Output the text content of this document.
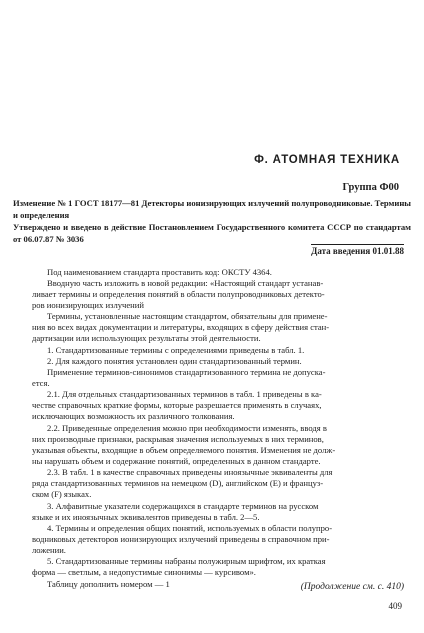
Ф. АТОМНАЯ ТЕХНИКА
Группа Ф00
Изменение № 1 ГОСТ 18177—81 Детекторы ионизирующих излучений полупроводниковые. Термины и определения
Утверждено и введено в действие Постановлением Государственного комитета СССР по стандартам от 06.07.87 № 3036
Дата введения 01.01.88
Под наименованием стандарта проставить код: ОКСТУ 4364.
Вводную часть изложить в новой редакции: «Настоящий стандарт устанав-
ливает термины и определения понятий в области полупроводниковых детекто-
ров ионизирующих излучений
Термины, установленные настоящим стандартом, обязательны для примене-
ния во всех видах документации и литературы, входящих в сферу действия стан-
дартизации или использующих результаты этой деятельности.
1. Стандартизованные термины с определениями приведены в табл. 1.
2. Для каждого понятия установлен один стандартизованный термин.
Применение терминов-синонимов стандартизованного термина не допуска-
ется.
2.1. Для отдельных стандартизованных терминов в табл. 1 приведены в ка-
честве справочных краткие формы, которые разрешается применять в случаях,
исключающих возможность их различного толкования.
2.2. Приведенные определения можно при необходимости изменять, вводя в
них производные признаки, раскрывая значения используемых в них терминов,
указывая объекты, входящие в объем определяемого понятия. Изменения не долж-
ны нарушать объем и содержание понятий, определенных в данном стандарте.
2.3. В табл. 1 в качестве справочных приведены иноязычные эквиваленты для
ряда стандартизованных терминов на немецком (D), английском (E) и француз-
ском (F) языках.
3. Алфавитные указатели содержащихся в стандарте терминов на русском
языке и их иноязычных эквивалентов приведены в табл. 2—5.
4. Термины и определения общих понятий, используемых в области полупро-
водниковых детекторов ионизирующих излучений приведены в справочном при-
ложении.
5. Стандартизованные термины набраны полужирным шрифтом, их краткая
форма — светлым, а недопустимые синонимы — курсивом».
Таблицу дополнить номером — 1	(Продолжение см. с. 410)
409
